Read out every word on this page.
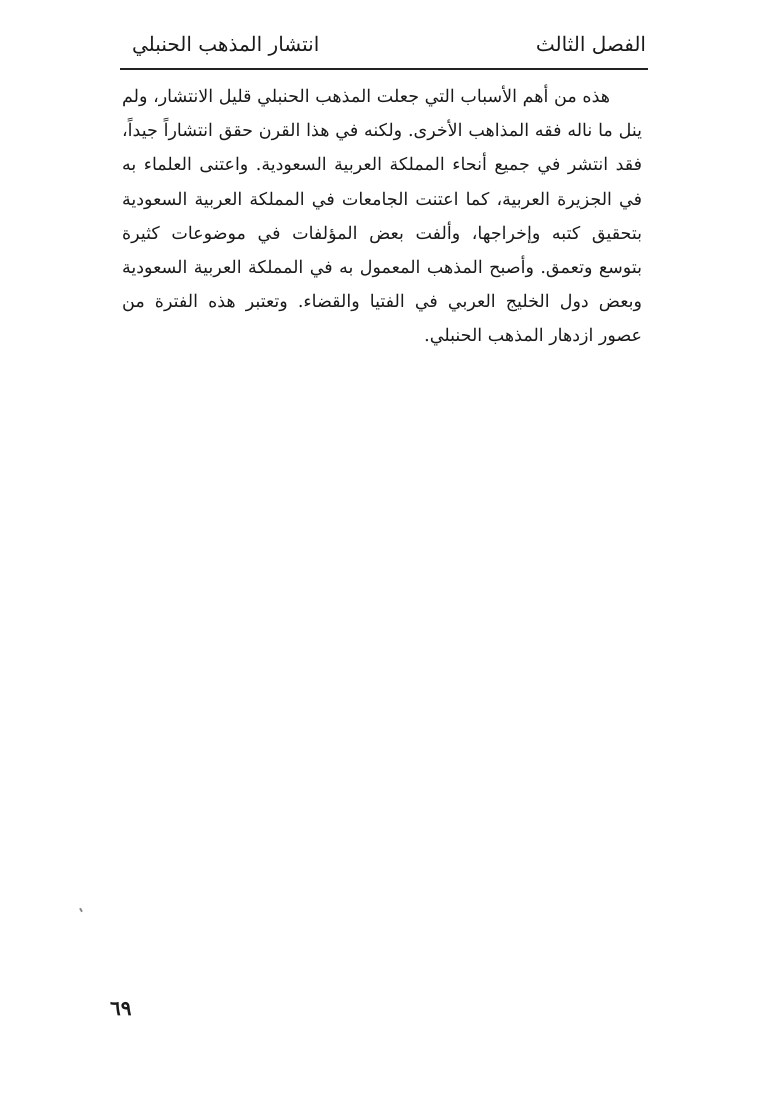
الفصل الثالث
انتشار المذهب الحنبلي

هذه من أهم الأسباب التي جعلت المذهب الحنبلي قليل الانتشار، ولم ينل ما ناله فقه المذاهب الأخرى. ولكنه في هذا القرن حقق انتشاراً جيداً، فقد انتشر في جميع أنحاء المملكة العربية السعودية. واعتنى العلماء به في الجزيرة العربية، كما اعتنت الجامعات في المملكة العربية السعودية بتحقيق كتبه وإخراجها، وألفت بعض المؤلفات في موضوعات كثيرة بتوسع وتعمق. وأصبح المذهب المعمول به في المملكة العربية السعودية وبعض دول الخليج العربي في الفتيا والقضاء. وتعتبر هذه الفترة من عصور ازدهار المذهب الحنبلي.

٦٩
